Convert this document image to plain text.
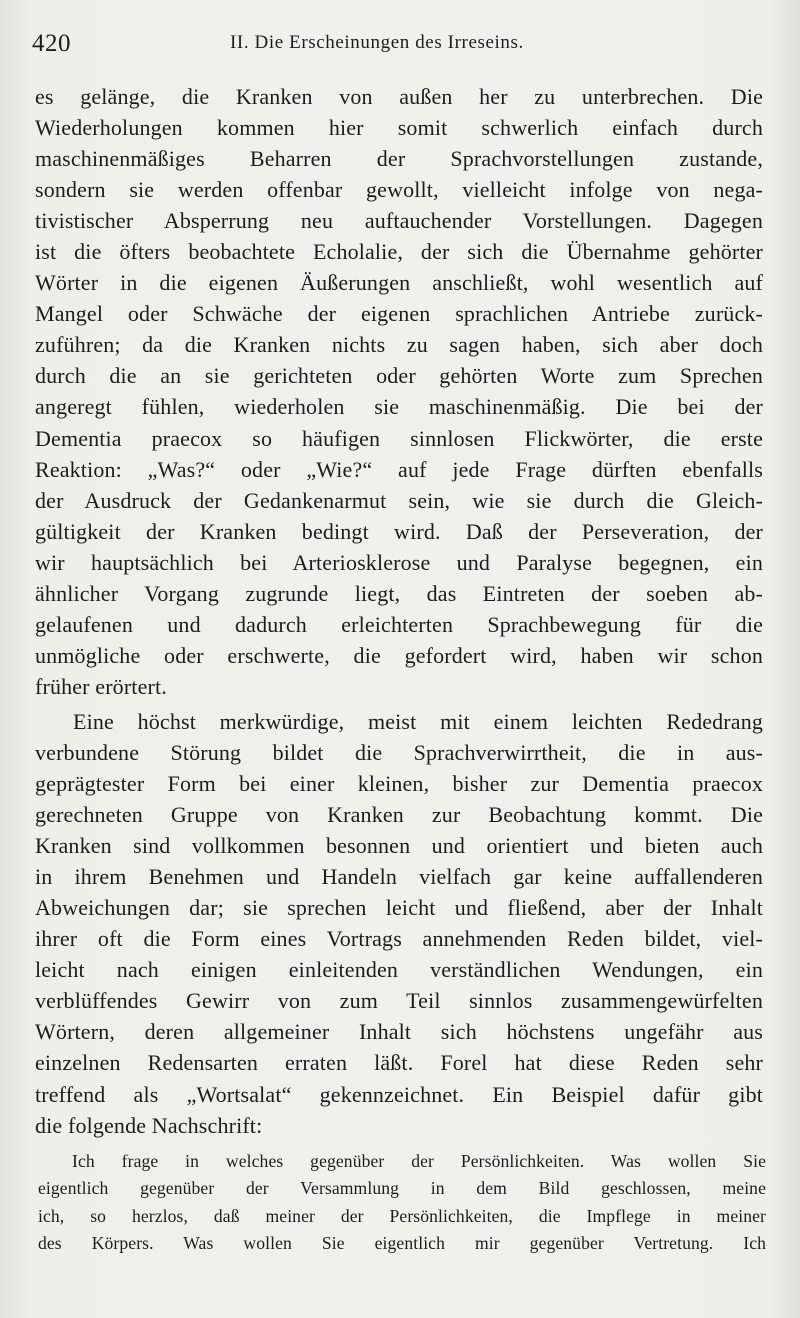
420	II. Die Erscheinungen des Irreseins.
es gelänge, die Kranken von außen her zu unterbrechen. Die
Wiederholungen kommen hier somit schwerlich einfach durch
maschinenmäßiges Beharren der Sprachvorstellungen zustande,
sondern sie werden offenbar gewollt, vielleicht infolge von nega-
tivistischer Absperrung neu auftauchender Vorstellungen. Dagegen
ist die öfters beobachtete Echolalie, der sich die Übernahme gehörter
Wörter in die eigenen Äußerungen anschließt, wohl wesentlich auf
Mangel oder Schwäche der eigenen sprachlichen Antriebe zurück-
zuführen; da die Kranken nichts zu sagen haben, sich aber doch
durch die an sie gerichteten oder gehörten Worte zum Sprechen
angeregt fühlen, wiederholen sie maschinenmäßig. Die bei der
Dementia praecox so häufigen sinnlosen Flickwörter, die erste
Reaktion: „Was?“ oder „Wie?“ auf jede Frage dürften ebenfalls
der Ausdruck der Gedankenarmut sein, wie sie durch die Gleich-
gültigkeit der Kranken bedingt wird. Daß der Perseveration, der
wir hauptsächlich bei Arteriosklerose und Paralyse begegnen, ein
ähnlicher Vorgang zugrunde liegt, das Eintreten der soeben ab-
gelaufenen und dadurch erleichterten Sprachbewegung für die
unmögliche oder erschwerte, die gefordert wird, haben wir schon
früher erörtert.
Eine höchst merkwürdige, meist mit einem leichten Rededrang
verbundene Störung bildet die Sprachverwirrtheit, die in aus-
geprägtester Form bei einer kleinen, bisher zur Dementia praecox
gerechneten Gruppe von Kranken zur Beobachtung kommt. Die
Kranken sind vollkommen besonnen und orientiert und bieten auch
in ihrem Benehmen und Handeln vielfach gar keine auffallenderen
Abweichungen dar; sie sprechen leicht und fließend, aber der Inhalt
ihrer oft die Form eines Vortrags annehmenden Reden bildet, viel-
leicht nach einigen einleitenden verständlichen Wendungen, ein
verblüffendes Gewirr von zum Teil sinnlos zusammengewürfelten
Wörtern, deren allgemeiner Inhalt sich höchstens ungefähr aus
einzelnen Redensarten erraten läßt. Forel hat diese Reden sehr
treffend als „Wortsalat“ gekennzeichnet. Ein Beispiel dafür gibt
die folgende Nachschrift:
Ich frage in welches gegenüber der Persönlichkeiten. Was wollen Sie
eigentlich gegenüber der Versammlung in dem Bild geschlossen, meine
ich, so herzlos, daß meiner der Persönlichkeiten, die Impflege in meiner
des Körpers. Was wollen Sie eigentlich mir gegenüber Vertretung. Ich
